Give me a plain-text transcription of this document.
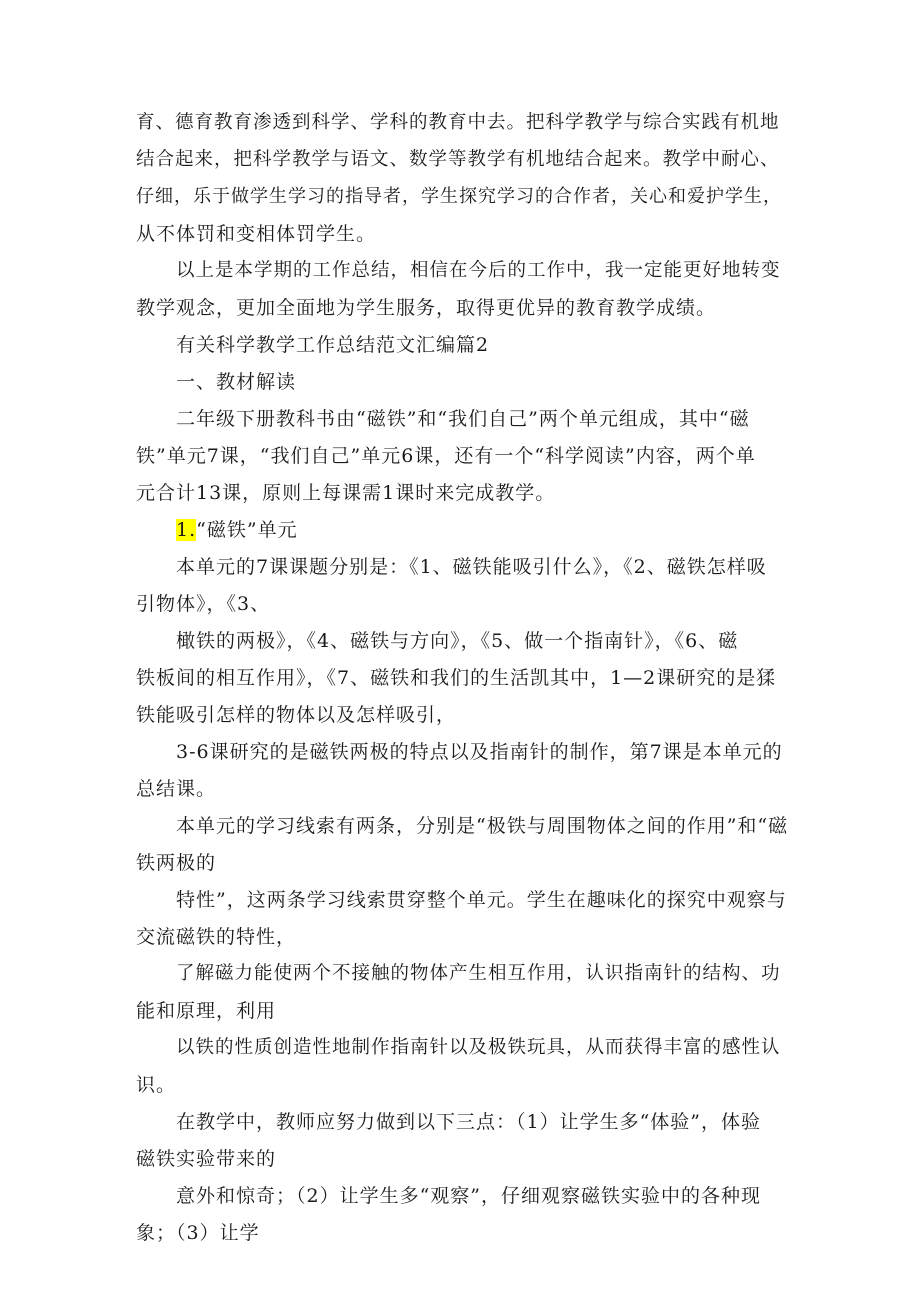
育、德育教育渗透到科学、学科的教育中去。把科学教学与综合实践有机地
结合起来，把科学教学与语文、数学等教学有机地结合起来。教学中耐心、
仔细，乐于做学生学习的指导者，学生探究学习的合作者，关心和爱护学生，
从不体罚和变相体罚学生。
以上是本学期的工作总结，相信在今后的工作中，我一定能更好地转变
教学观念，更加全面地为学生服务，取得更优异的教育教学成绩。
有关科学教学工作总结范文汇编篇2
一、教材解读
二年级下册教科书由“磁铁”和“我们自己”两个单元组成，其中“磁
铁”单元7课，“我们自己”单元6课，还有一个“科学阅读”内容，两个单
元合计13课，原则上每课需1课时来完成教学。
1.“磁铁”单元
本单元的7课课题分别是：《1、磁铁能吸引什么》，《2、磁铁怎样吸
引物体》，《3、
橄铁的两极》，《4、磁铁与方向》，《5、做一个指南针》，《6、磁
铁板间的相互作用》，《7、磁铁和我们的生活凯其中，1—2课研究的是猱
铁能吸引怎样的物体以及怎样吸引，
3-6课研究的是磁铁两极的特点以及指南针的制作，第7课是本单元的
总结课。
本单元的学习线索有两条，分别是“极铁与周围物体之间的作用”和“磁
铁两极的
特性”，这两条学习线索贯穿整个单元。学生在趣味化的探究中观察与
交流磁铁的特性，
了解磁力能使两个不接触的物体产生相互作用，认识指南针的结构、功
能和原理，利用
以铁的性质创造性地制作指南针以及极铁玩具，从而获得丰富的感性认
识。
在教学中，教师应努力做到以下三点：（1）让学生多“体验”，体验
磁铁实验带来的
意外和惊奇；（2）让学生多“观察”，仔细观察磁铁实验中的各种现
象；（3）让学
